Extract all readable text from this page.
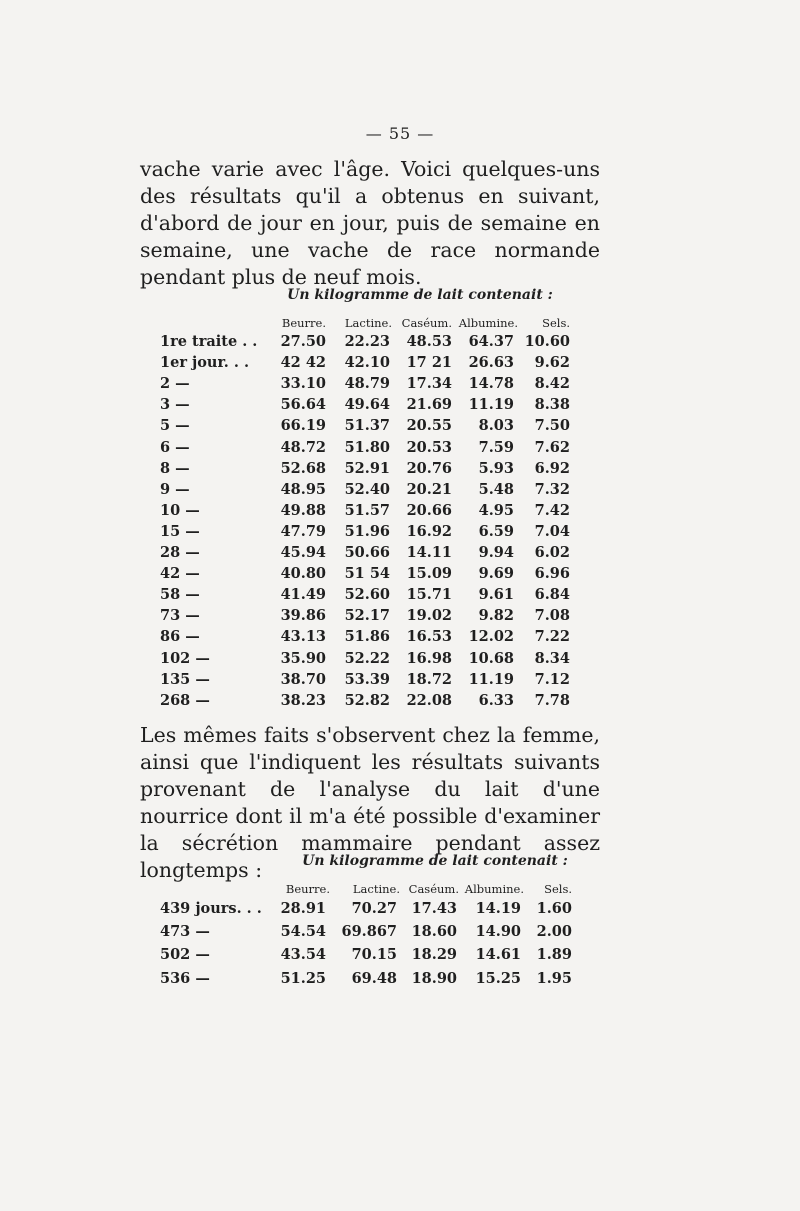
— 55 —

vache varie avec l'âge. Voici quelques-uns des résultats qu'il a obtenus en suivant, d'abord de jour en jour, puis de semaine en semaine, une vache de race normande pendant plus de neuf mois.

Un kilogramme de lait contenait :
Beurre.	Lactine. Caséum. Albumine.	Sels.
1re traite . .	27.50	22.23	48.53	64.37 10.60
1er jour. . .	42 42	42.10	17 21	26.63	9.62
2 —	33.10	48.79	17.34	14.78	8.42
3 —	56.64	49.64	21.69	11.19	8.38
5 —	66.19	51.37	20.55	8.03	7.50
6 —	48.72	51.80	20.53	7.59	7.62
8 —	52.68	52.91	20.76	5.93	6.92
9 —	48.95	52.40	20.21	5.48	7.32
10 —	49.88	51.57	20.66	4.95	7.42
15 —	47.79	51.96	16.92	6.59	7.04
28 —	45.94	50.66	14.11	9.94	6.02
42 —	40.80	51 54	15.09	9.69	6.96
58 —	41.49	52.60	15.71	9.61	6.84
73 —	39.86	52.17	19.02	9.82	7.08
86 —	43.13	51.86	16.53	12.02	7.22
102 —	35.90	52.22	16.98	10.68	8.34
135 —	38.70	53.39	18.72	11.19	7.12
268 —	38.23	52.82	22.08	6.33	7.78

Les mêmes faits s'observent chez la femme, ainsi que l'indiquent les résultats suivants provenant de l'analyse du lait d'une nourrice dont il m'a été possible d'examiner la sécrétion mammaire pendant assez longtemps :	Un kilogramme de lait contenait :
Beurre.	Lactine. Caséum. Albumine.	Sels.
439 jours. . .	28.91	70.27	17.43	14.19	1.60
473 —	54.54	69.867	18.60	14.90	2.00
502 —	43.54	70.15	18.29	14.61	1.89
536 —	51.25	69.48	18.90	15.25	1.95
